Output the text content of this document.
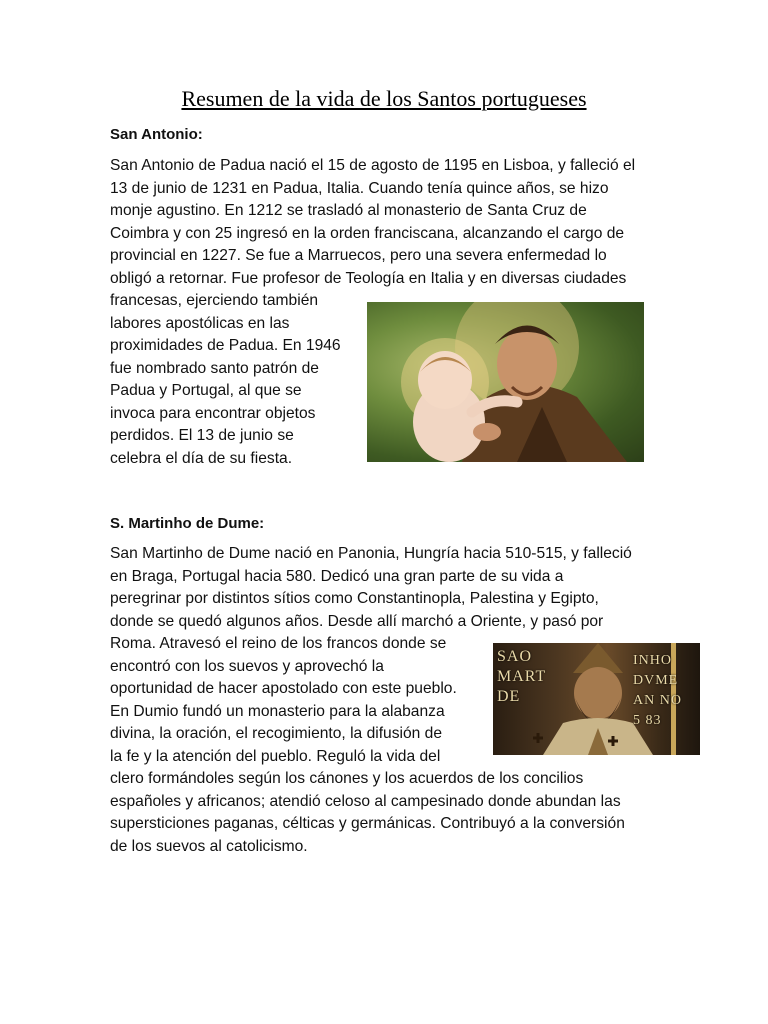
Resumen de la vida de los Santos portugueses

San Antonio:

San Antonio de Padua nació el 15 de agosto de 1195 en Lisboa, y falleció el
13 de junio de 1231 en Padua, Italia. Cuando tenía quince años, se hizo
monje agustino. En 1212 se trasladó al monasterio de Santa Cruz de
Coimbra y con 25 ingresó en la orden franciscana, alcanzando el cargo de
provincial en 1227. Se fue a Marruecos, pero una severa enfermedad lo
obligó a retornar. Fue profesor de Teología en Italia y en diversas ciudades
francesas, ejerciendo también
labores apostólicas en las
proximidades de Padua. En 1946
fue nombrado santo patrón de
Padua y Portugal, al que se
invoca para encontrar objetos
perdidos. El 13 de junio se
celebra el día de su fiesta.

S. Martinho de Dume:

San Martinho de Dume nació en Panonia, Hungría hacia 510-515, y falleció
en Braga, Portugal hacia 580. Dedicó una gran parte de su vida a
peregrinar por distintos sítios como Constantinopla, Palestina y Egipto,
donde se quedó algunos años. Desde allí marchó a Oriente, y pasó por
Roma. Atravesó el reino de los francos donde se
encontró con los suevos y aprovechó la
oportunidad de hacer apostolado con este pueblo.
En Dumio fundó un monasterio para la alabanza
divina, la oración, el recogimiento, la difusión de
la fe y la atención del pueblo. Reguló la vida del
clero formándoles según los cánones y los acuerdos de los concilios
españoles y africanos; atendió celoso al campesinado donde abundan las
supersticiones paganas, célticas y germánicas. Contribuyó a la conversión
de los suevos al catolicismo.
SAO
MART
DE
INHO
DVME
AN NO
5 83
